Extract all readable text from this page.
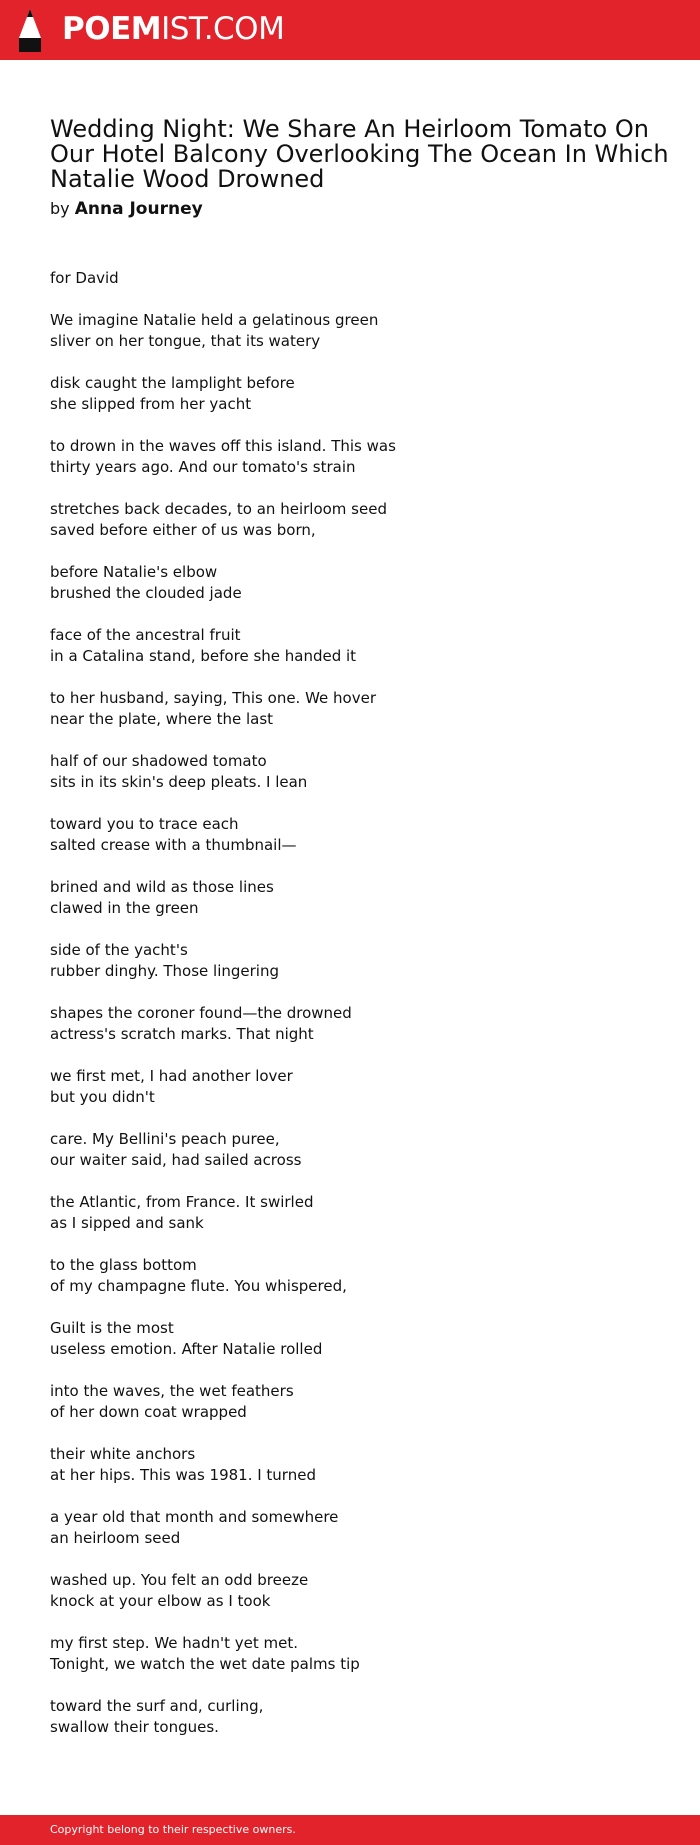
POEMIST.COM
Wedding Night: We Share An Heirloom Tomato On Our Hotel Balcony Overlooking The Ocean In Which Natalie Wood Drowned
by Anna Journey
for David
We imagine Natalie held a gelatinous green
sliver on her tongue, that its watery
disk caught the lamplight before
she slipped from her yacht
to drown in the waves off this island. This was
thirty years ago. And our tomato's strain
stretches back decades, to an heirloom seed
saved before either of us was born,
before Natalie's elbow
brushed the clouded jade
face of the ancestral fruit
in a Catalina stand, before she handed it
to her husband, saying, This one. We hover
near the plate, where the last
half of our shadowed tomato
sits in its skin's deep pleats. I lean
toward you to trace each
salted crease with a thumbnail—
brined and wild as those lines
clawed in the green
side of the yacht's
rubber dinghy. Those lingering
shapes the coroner found—the drowned
actress's scratch marks. That night
we first met, I had another lover
but you didn't
care. My Bellini's peach puree,
our waiter said, had sailed across
the Atlantic, from France. It swirled
as I sipped and sank
to the glass bottom
of my champagne flute. You whispered,
Guilt is the most
useless emotion. After Natalie rolled
into the waves, the wet feathers
of her down coat wrapped
their white anchors
at her hips. This was 1981. I turned
a year old that month and somewhere
an heirloom seed
washed up. You felt an odd breeze
knock at your elbow as I took
my first step. We hadn't yet met.
Tonight, we watch the wet date palms tip
toward the surf and, curling,
swallow their tongues.
Copyright belong to their respective owners.
